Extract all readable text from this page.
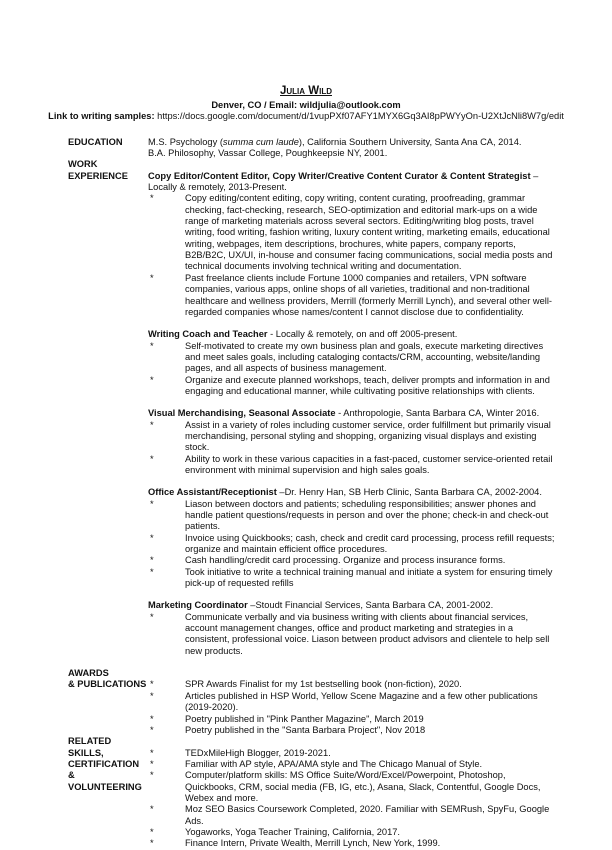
Julia Wild
Denver, CO / Email: wildjulia@outlook.com
Link to writing samples: https://docs.google.com/document/d/1vupPXf07AFY1MYX6Gq3AI8pPWYyOn-U2XtJcNli8W7g/edit
EDUCATION	M.S. Psychology (summa cum laude), California Southern University, Santa Ana CA, 2014.
B.A. Philosophy, Vassar College, Poughkeepsie NY, 2001.
WORK
EXPERIENCE	Copy Editor/Content Editor, Copy Writer/Creative Content Curator & Content Strategist – Locally & remotely, 2013-Present.
*	Copy editing/content editing, copy writing, content curating, proofreading, grammar checking, fact-checking, research, SEO-optimization and editorial mark-ups on a wide range of marketing materials across several sectors. Editing/writing blog posts, travel writing, food writing, fashion writing, luxury content writing, marketing emails, educational writing, webpages, item descriptions, brochures, white papers, company reports, B2B/B2C, UX/UI, in-house and consumer facing communications, social media posts and technical documents involving technical writing and documentation.
*	Past freelance clients include Fortune 1000 companies and retailers, VPN software companies, various apps, online shops of all varieties, traditional and non-traditional healthcare and wellness providers, Merrill (formerly Merrill Lynch), and several other well-regarded companies whose names/content I cannot disclose due to confidentiality.
Writing Coach and Teacher - Locally & remotely, on and off 2005-present.
*	Self-motivated to create my own business plan and goals, execute marketing directives and meet sales goals, including cataloging contacts/CRM, accounting, website/landing pages, and all aspects of business management.
*	Organize and execute planned workshops, teach, deliver prompts and information in and engaging and educational manner, while cultivating positive relationships with clients.
Visual Merchandising, Seasonal Associate - Anthropologie, Santa Barbara CA, Winter 2016.
*	Assist in a variety of roles including customer service, order fulfillment but primarily visual merchandising, personal styling and shopping, organizing visual displays and existing stock.
*	Ability to work in these various capacities in a fast-paced, customer service-oriented retail environment with minimal supervision and high sales goals.
Office Assistant/Receptionist –Dr. Henry Han, SB Herb Clinic, Santa Barbara CA, 2002-2004.
*	Liason between doctors and patients; scheduling responsibilities; answer phones and handle patient questions/requests in person and over the phone; check-in and check-out patients.
*	Invoice using Quickbooks; cash, check and credit card processing, process refill requests; organize and maintain efficient office procedures.
*	Cash handling/credit card processing. Organize and process insurance forms.
*	Took initiative to write a technical training manual and initiate a system for ensuring timely pick-up of requested refills
Marketing Coordinator –Stoudt Financial Services, Santa Barbara CA, 2001-2002.
*	Communicate verbally and via business writing with clients about financial services, account management changes, office and product marketing and strategies in a consistent, professional voice. Liason between product advisors and clientele to help sell new products.
AWARDS
& PUBLICATIONS *	SPR Awards Finalist for my 1st bestselling book (non-fiction), 2020.
*	Articles published in HSP World, Yellow Scene Magazine and a few other publications (2019-2020).
*	Poetry published in "Pink Panther Magazine", March 2019
*	Poetry published in the "Santa Barbara Project", Nov 2018
RELATED SKILLS,
CERTIFICATION &
VOLUNTEERING
*	TEDxMileHigh Blogger, 2019-2021.
*	Familiar with AP style, APA/AMA style and The Chicago Manual of Style.
*	Computer/platform skills: MS Office Suite/Word/Excel/Powerpoint, Photoshop, Quickbooks, CRM, social media (FB, IG, etc.), Asana, Slack, Contentful, Google Docs, Webex and more.
*	Moz SEO Basics Coursework Completed, 2020. Familiar with SEMRush, SpyFu, Google Ads.
*	Yogaworks, Yoga Teacher Training, California, 2017.
*	Finance Intern, Private Wealth, Merrill Lynch, New York, 1999.
